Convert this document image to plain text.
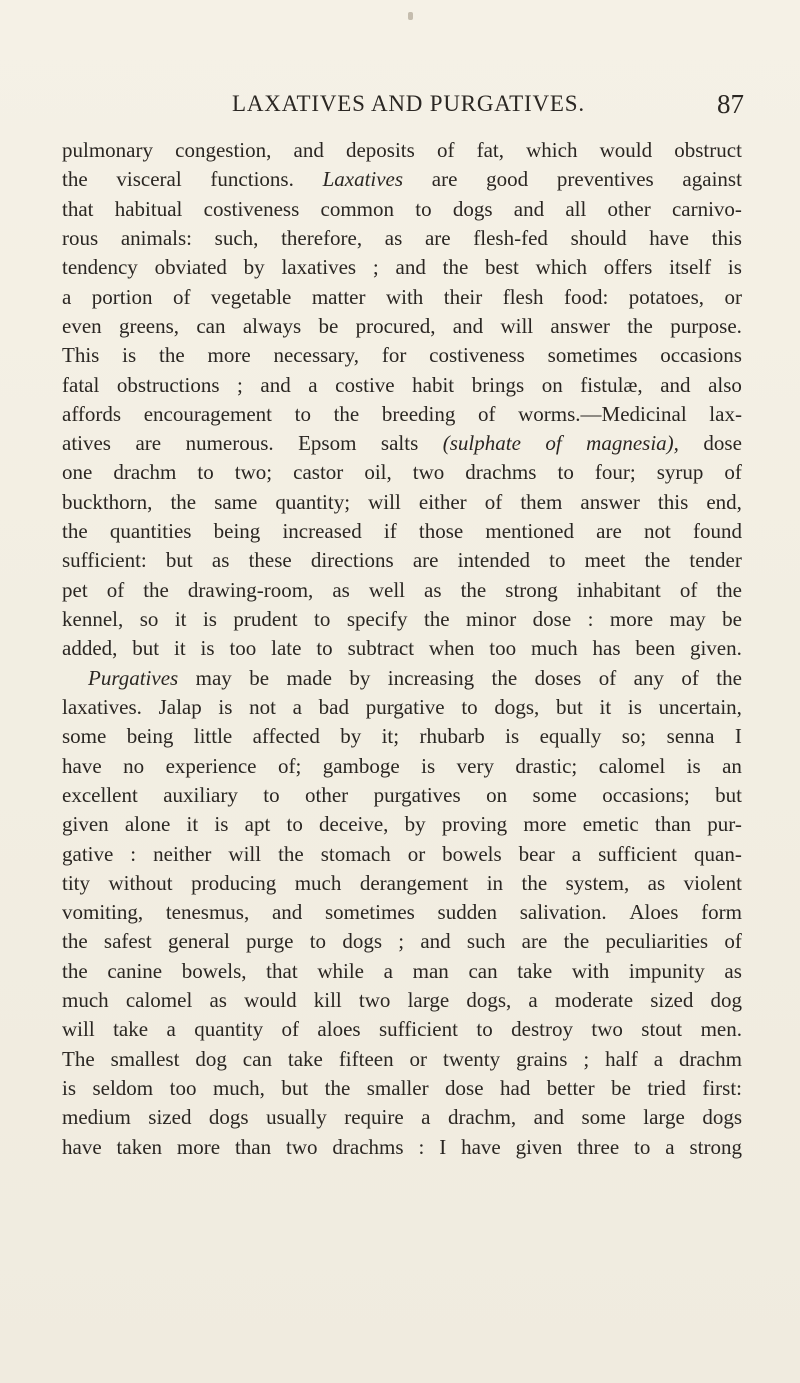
LAXATIVES AND PURGATIVES.	87
pulmonary congestion, and deposits of fat, which would obstruct
the visceral functions. Laxatives are good preventives against
that habitual costiveness common to dogs and all other carnivo-
rous animals: such, therefore, as are flesh-fed should have this
tendency obviated by laxatives ; and the best which offers itself is
a portion of vegetable matter with their flesh food: potatoes, or
even greens, can always be procured, and will answer the purpose.
This is the more necessary, for costiveness sometimes occasions
fatal obstructions ; and a costive habit brings on fistulæ, and also
affords encouragement to the breeding of worms.—Medicinal lax-
atives are numerous. Epsom salts (sulphate of magnesia), dose
one drachm to two; castor oil, two drachms to four; syrup of
buckthorn, the same quantity; will either of them answer this end,
the quantities being increased if those mentioned are not found
sufficient: but as these directions are intended to meet the tender
pet of the drawing-room, as well as the strong inhabitant of the
kennel, so it is prudent to specify the minor dose : more may be
added, but it is too late to subtract when too much has been given.
Purgatives may be made by increasing the doses of any of the
laxatives. Jalap is not a bad purgative to dogs, but it is uncertain,
some being little affected by it; rhubarb is equally so; senna I
have no experience of; gamboge is very drastic; calomel is an
excellent auxiliary to other purgatives on some occasions; but
given alone it is apt to deceive, by proving more emetic than pur-
gative : neither will the stomach or bowels bear a sufficient quan-
tity without producing much derangement in the system, as violent
vomiting, tenesmus, and sometimes sudden salivation. Aloes form
the safest general purge to dogs ; and such are the peculiarities of
the canine bowels, that while a man can take with impunity as
much calomel as would kill two large dogs, a moderate sized dog
will take a quantity of aloes sufficient to destroy two stout men.
The smallest dog can take fifteen or twenty grains ; half a drachm
is seldom too much, but the smaller dose had better be tried first:
medium sized dogs usually require a drachm, and some large dogs
have taken more than two drachms : I have given three to a strong
